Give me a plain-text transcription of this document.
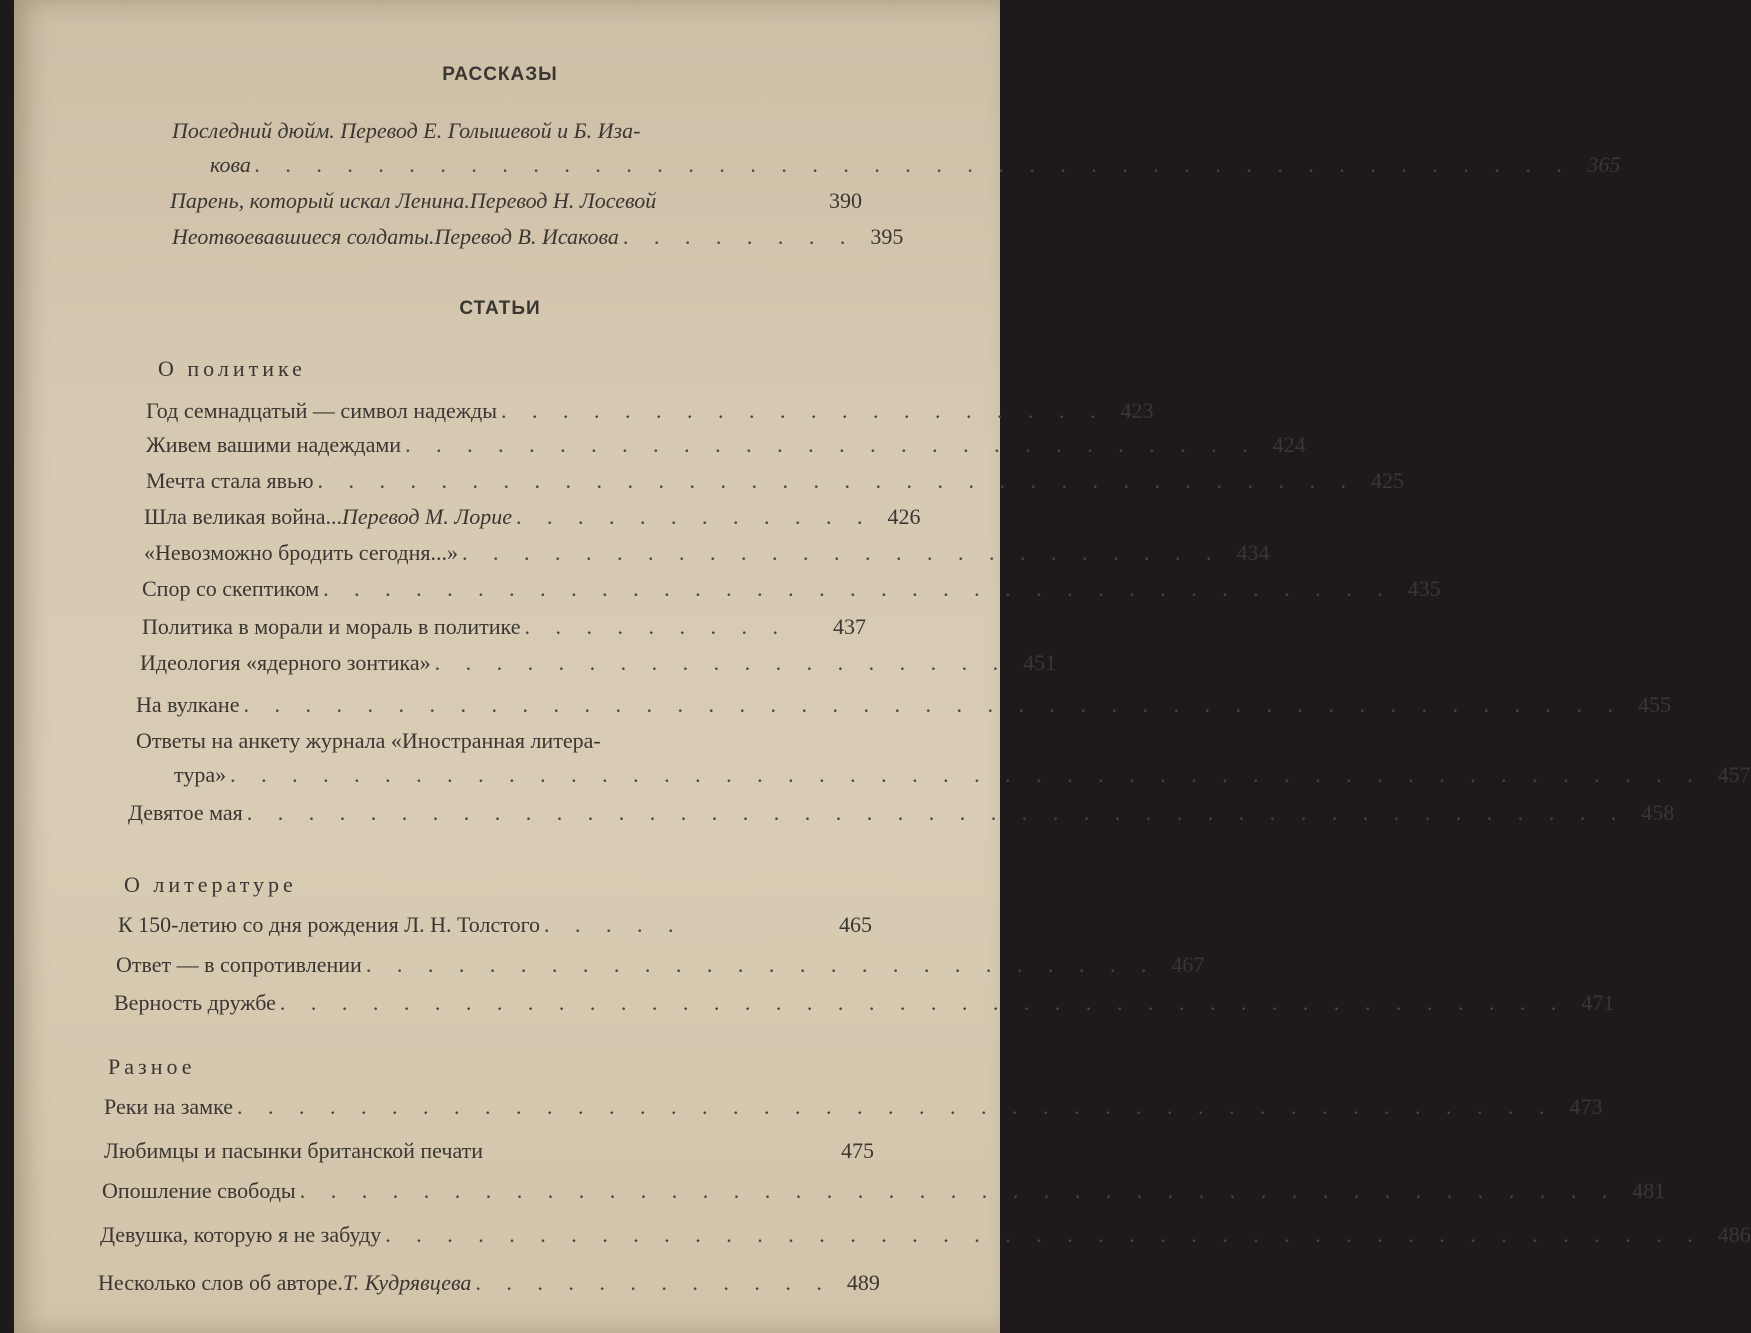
РАССКАЗЫ
Последний дюйм. Перевод Е. Голышевой и Б. Иза-
кова . . . . . . . . . . . . . . . . . . . . . . . . . . . . . . . . . . . . . . . . . . . 365
Парень, который искал Ленина. Перевод Н. Лосевой	390
Неотвоевавшиеся солдаты. Перевод В. Исакова . . . . . . . . 395
СТАТЬИ
О политике
Год семнадцатый — символ надежды . . . . . . . . . . . . . . . . . . . . 423
Живем вашими надеждами . . . . . . . . . . . . . . . . . . . . . . . . . . . . 424
Мечта стала явью . . . . . . . . . . . . . . . . . . . . . . . . . . . . . . . . . . 425
Шла великая война... Перевод М. Лорие . . . . . . . . . . . . 426
«Невозможно бродить сегодня...» . . . . . . . . . . . . . . . . . . . . . . . . . 434
Спор со скептиком . . . . . . . . . . . . . . . . . . . . . . . . . . . . . . . . . . . 435
Политика в морали и мораль в политике . . . . . . . . .	437
Идеология «ядерного зонтика» . . . . . . . . . . . . . . . . . . . 451
На вулкане . . . . . . . . . . . . . . . . . . . . . . . . . . . . . . . . . . . . . . . . . . . . . 455
Ответы на анкету журнала «Иностранная литера-
тура» . . . . . . . . . . . . . . . . . . . . . . . . . . . . . . . . . . . . . . . . . . . . . . . . 457
Девятое мая . . . . . . . . . . . . . . . . . . . . . . . . . . . . . . . . . . . . . . . . . . . . . 458
О литературе
К 150-летию со дня рождения Л. Н. Толстого . . . . .	465
Ответ — в сопротивлении . . . . . . . . . . . . . . . . . . . . . . . . . . 467
Верность дружбе . . . . . . . . . . . . . . . . . . . . . . . . . . . . . . . . . . . . . . . . . . 471
Разное
Реки на замке . . . . . . . . . . . . . . . . . . . . . . . . . . . . . . . . . . . . . . . . . . . 473
Любимцы и пасынки британской печати	475
Опошление свободы . . . . . . . . . . . . . . . . . . . . . . . . . . . . . . . . . . . . . . . . . . . 481
Девушка, которую я не забуду . . . . . . . . . . . . . . . . . . . . . . . . . . . . . . . . . . . . . . . . . . . 486
Несколько слов об авторе. Т. Кудрявцева . . . . . . . . . . . . 489
